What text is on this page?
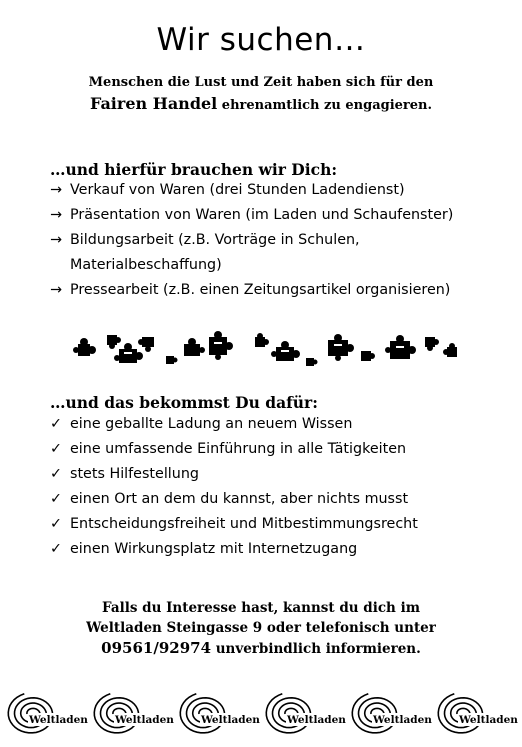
Wir suchen…
Menschen die Lust und Zeit haben sich für den
Fairen Handel ehrenamtlich zu engagieren.
…und hierfür brauchen wir Dich:
→ Verkauf von Waren (drei Stunden Ladendienst)
→ Präsentation von Waren (im Laden und Schaufenster)
→ Bildungsarbeit (z.B. Vorträge in Schulen,
Materialbeschaffung)
→ Pressearbeit (z.B. einen Zeitungsartikel organisieren)
…und das bekommst Du dafür:
✓ eine geballte Ladung an neuem Wissen
✓ eine umfassende Einführung in alle Tätigkeiten
✓ stets Hilfestellung
✓ einen Ort an dem du kannst, aber nichts musst
✓ Entscheidungsfreiheit und Mitbestimmungsrecht
✓ einen Wirkungsplatz mit Internetzugang
Falls du Interesse hast, kannst du dich im
Weltladen Steingasse 9 oder telefonisch unter
09561/92974 unverbindlich informieren.
Weltladen	Weltladen	Weltladen	Weltladen	Weltladen	Weltladen
